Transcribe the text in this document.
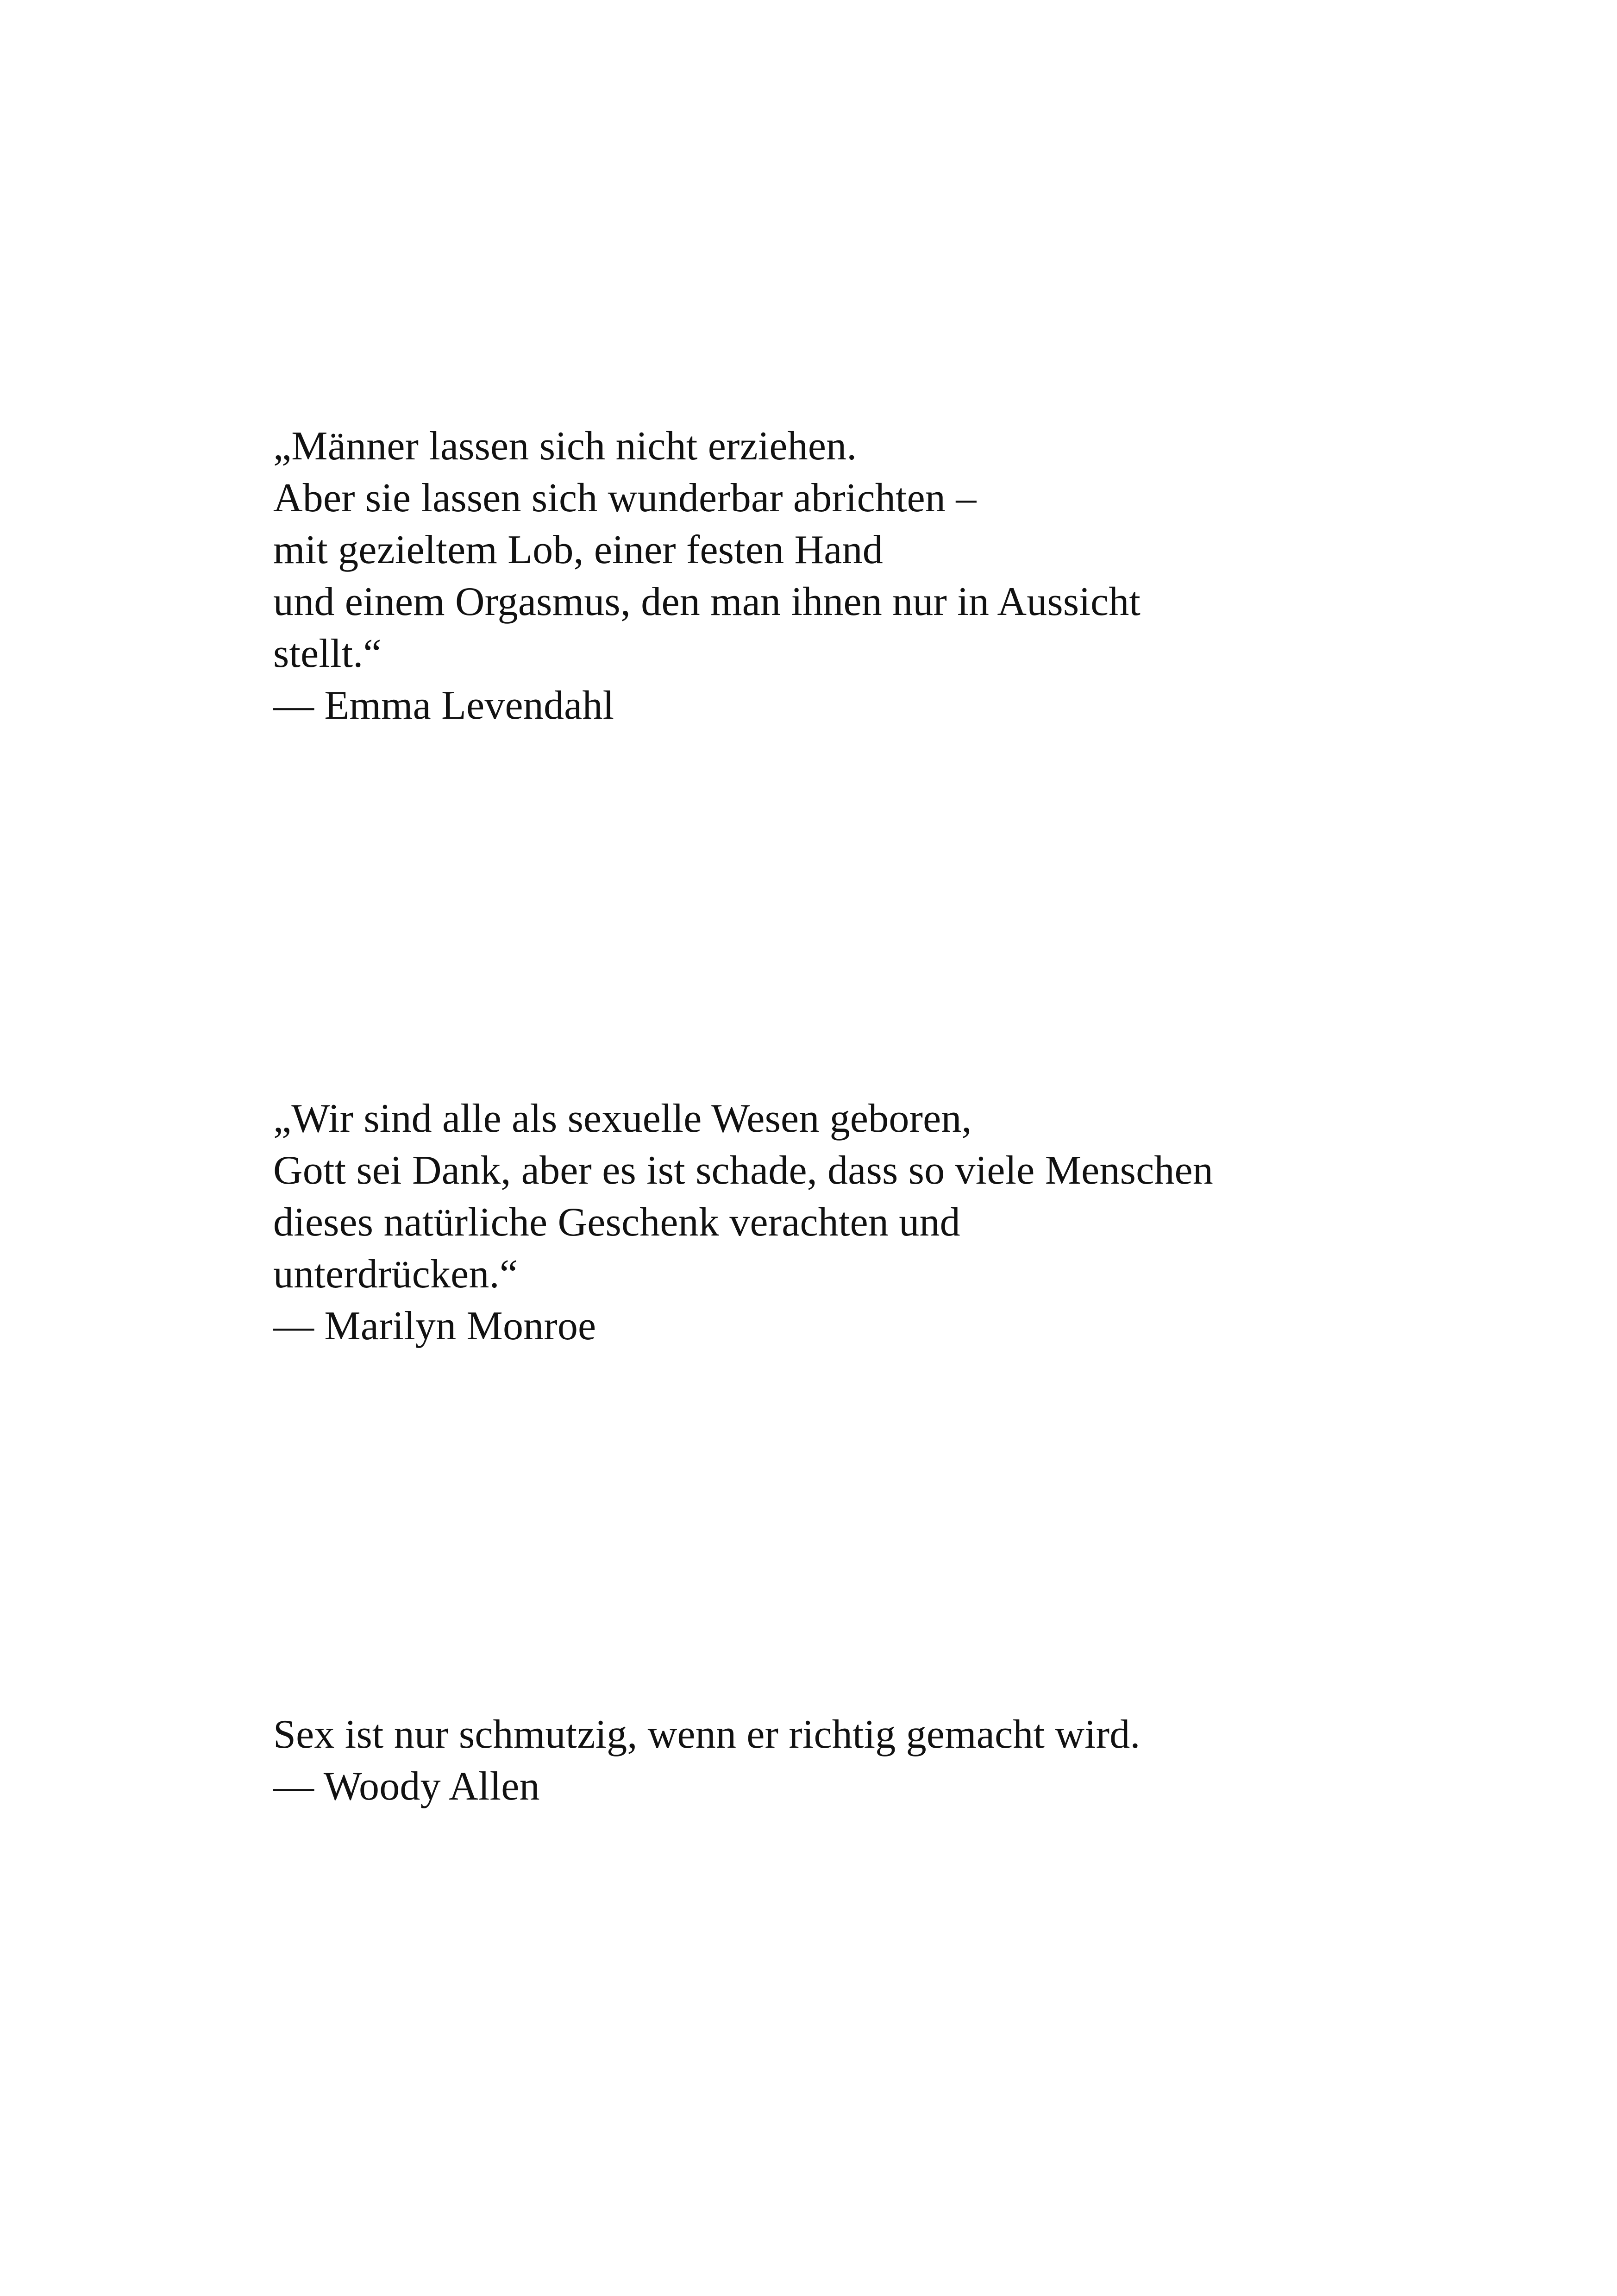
„Männer lassen sich nicht erziehen.
Aber sie lassen sich wunderbar abrichten –
mit gezieltem Lob, einer festen Hand
und einem Orgasmus, den man ihnen nur in Aussicht
stellt.“
— Emma Levendahl
„Wir sind alle als sexuelle Wesen geboren,
Gott sei Dank, aber es ist schade, dass so viele Menschen
dieses natürliche Geschenk verachten und
unterdrücken.“
— Marilyn Monroe
Sex ist nur schmutzig, wenn er richtig gemacht wird.
— Woody Allen
